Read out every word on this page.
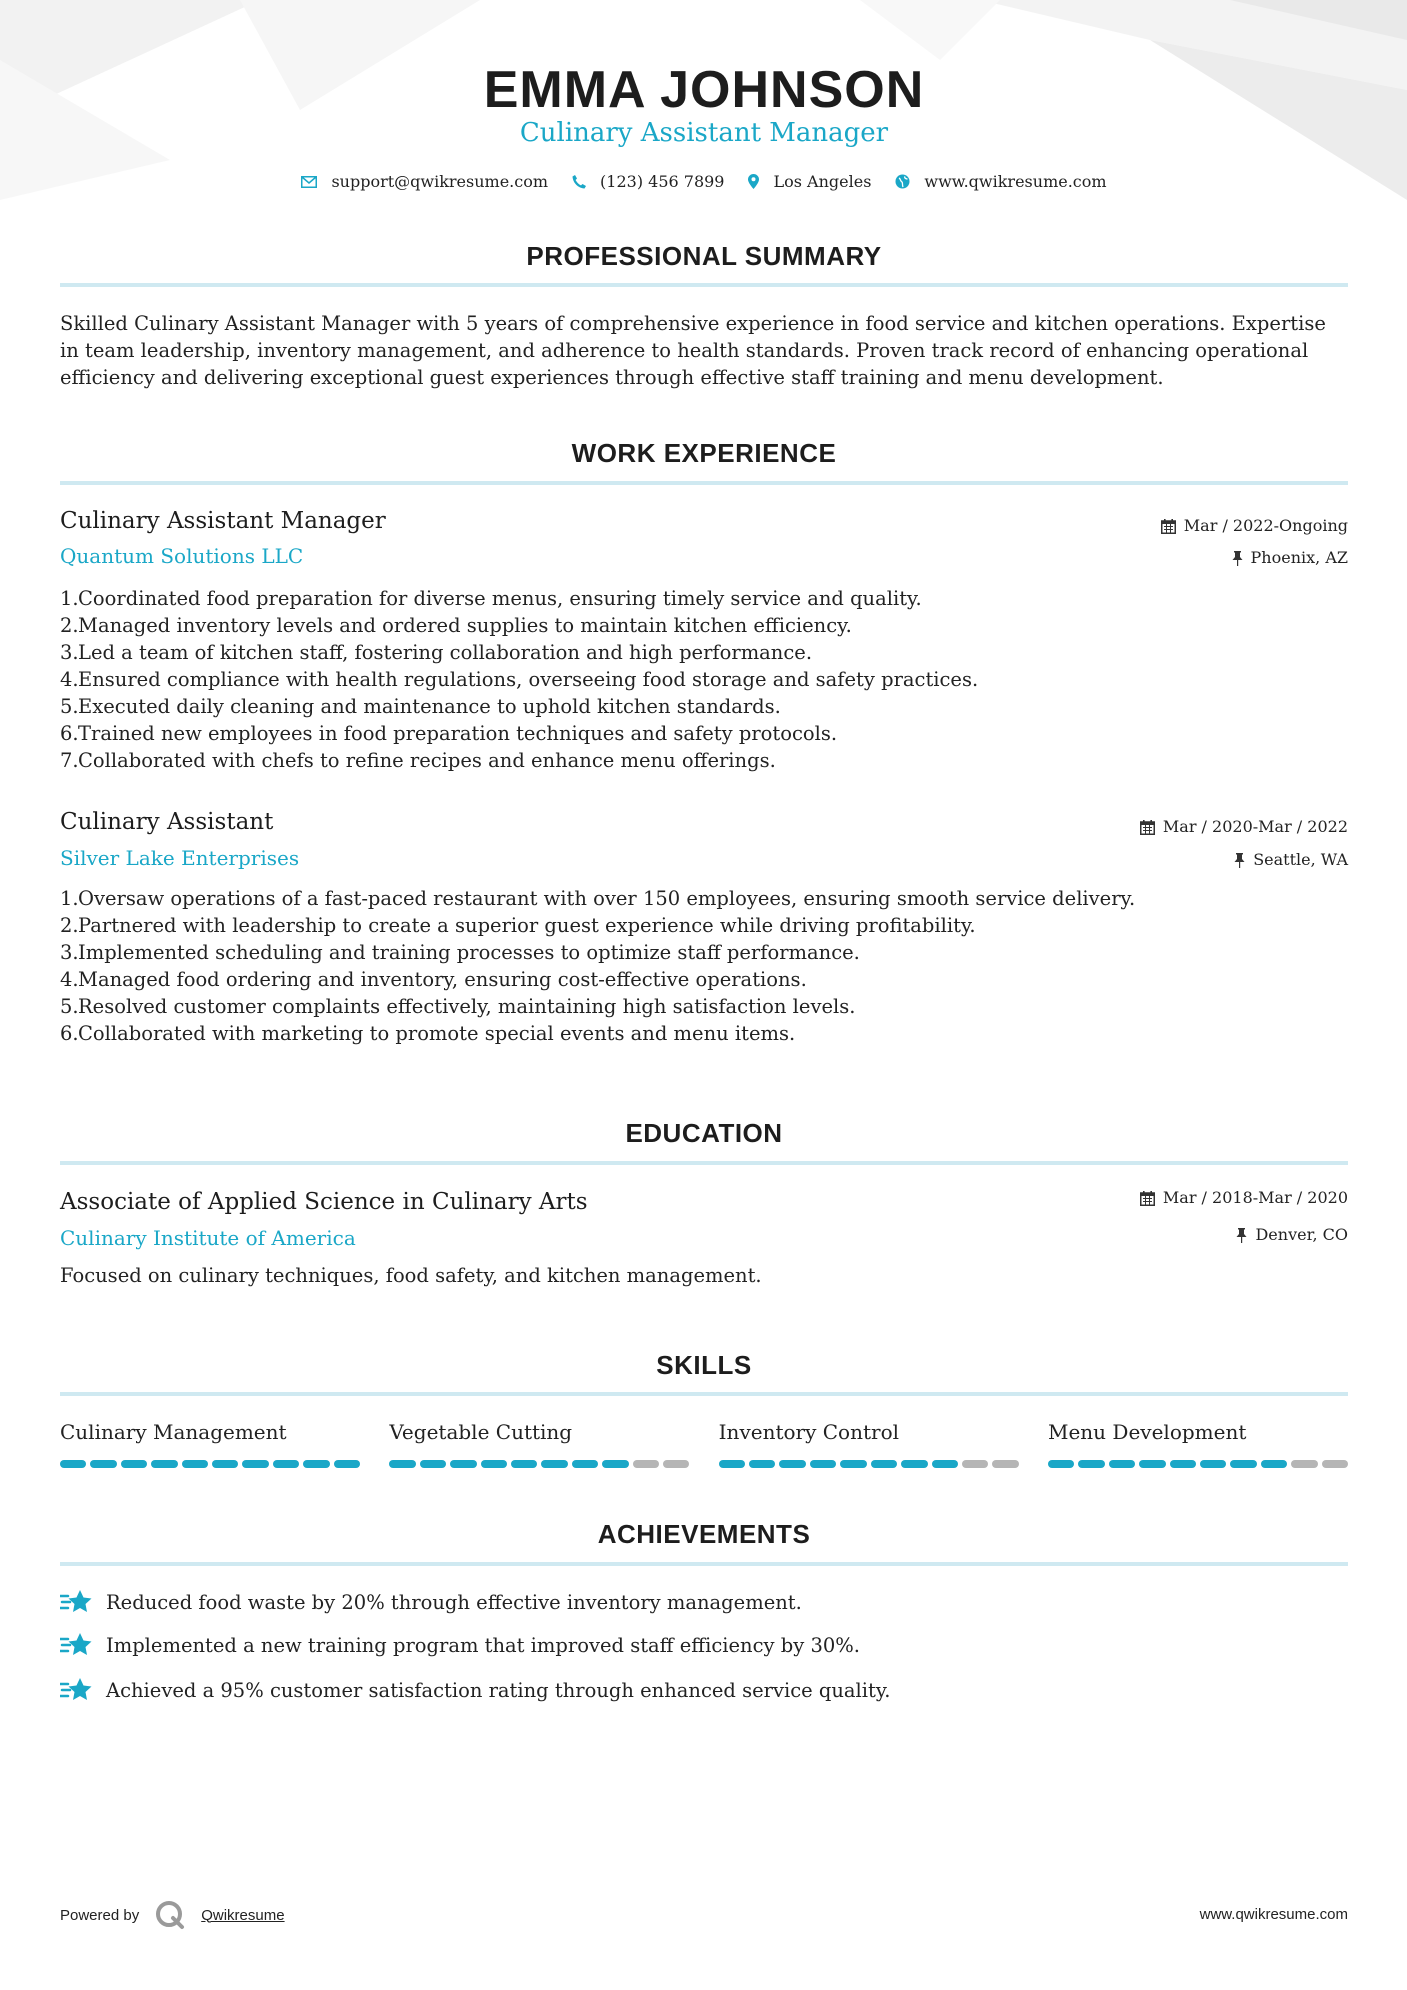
EMMA JOHNSON
Culinary Assistant Manager
support@qwikresume.com	(123) 456 7899	Los Angeles	www.qwikresume.com
PROFESSIONAL SUMMARY
Skilled Culinary Assistant Manager with 5 years of comprehensive experience in food service and kitchen operations. Expertise in team leadership, inventory management, and adherence to health standards. Proven track record of enhancing operational efficiency and delivering exceptional guest experiences through effective staff training and menu development.
WORK EXPERIENCE
Culinary Assistant Manager
Quantum Solutions LLC
Mar / 2022-Ongoing
Phoenix, AZ
1.Coordinated food preparation for diverse menus, ensuring timely service and quality.
2.Managed inventory levels and ordered supplies to maintain kitchen efficiency.
3.Led a team of kitchen staff, fostering collaboration and high performance.
4.Ensured compliance with health regulations, overseeing food storage and safety practices.
5.Executed daily cleaning and maintenance to uphold kitchen standards.
6.Trained new employees in food preparation techniques and safety protocols.
7.Collaborated with chefs to refine recipes and enhance menu offerings.
Culinary Assistant
Silver Lake Enterprises
Mar / 2020-Mar / 2022
Seattle, WA
1.Oversaw operations of a fast-paced restaurant with over 150 employees, ensuring smooth service delivery.
2.Partnered with leadership to create a superior guest experience while driving profitability.
3.Implemented scheduling and training processes to optimize staff performance.
4.Managed food ordering and inventory, ensuring cost-effective operations.
5.Resolved customer complaints effectively, maintaining high satisfaction levels.
6.Collaborated with marketing to promote special events and menu items.
EDUCATION
Associate of Applied Science in Culinary Arts
Culinary Institute of America
Mar / 2018-Mar / 2020
Denver, CO
Focused on culinary techniques, food safety, and kitchen management.
SKILLS
Culinary Management	Vegetable Cutting	Inventory Control	Menu Development
ACHIEVEMENTS
Reduced food waste by 20% through effective inventory management.
Implemented a new training program that improved staff efficiency by 30%.
Achieved a 95% customer satisfaction rating through enhanced service quality.
Powered by	Qwikresume	www.qwikresume.com
